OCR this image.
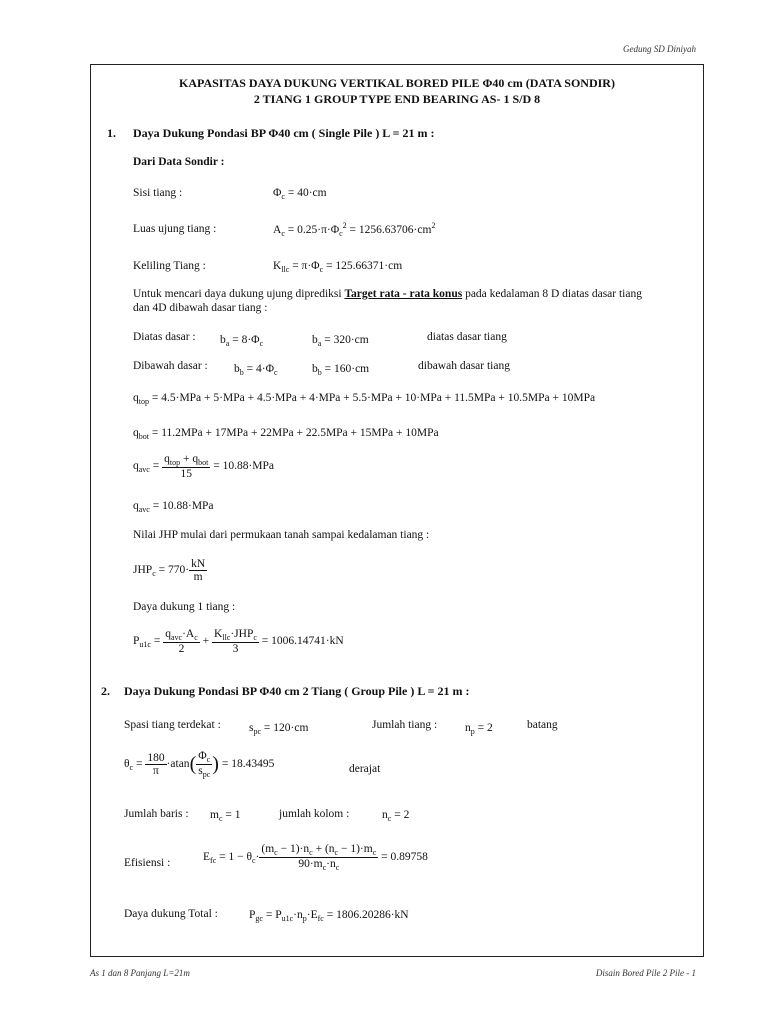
Gedung SD Diniyah
KAPASITAS DAYA DUKUNG VERTIKAL BORED PILE Φ40 cm (DATA SONDIR)
2 TIANG 1 GROUP TYPE END BEARING AS- 1 S/D 8
1. Daya Dukung Pondasi BP Φ40 cm ( Single Pile ) L = 21 m :
Dari Data Sondir :
Sisi tiang :	$\Phi_c = 40\cdot cm$
Luas ujung tiang :	$A_c = 0.25\cdot\pi\cdot\Phi_c^2 = 1256.63706\cdot cm^2$
Keliling Tiang :	$K_{llc} = \pi\cdot\Phi_c = 125.66371\cdot cm$
Untuk mencari daya dukung ujung diprediksi Target rata - rata konus pada kedalaman 8 D diatas dasar tiang
dan 4D dibawah dasar tiang :
Diatas dasar : $b_a = 8\cdot\Phi_c$	$b_a = 320\cdot cm$	diatas dasar tiang
Dibawah dasar : $b_b = 4\cdot\Phi_c$	$b_b = 160\cdot cm$	dibawah dasar tiang
$q_{top} = 4.5\cdot MPa + 5\cdot MPa + 4.5\cdot MPa + 4\cdot MPa + 5.5\cdot MPa + 10\cdot MPa + 11.5MPa + 10.5MPa + 10MPa$
$q_{bot} = 11.2MPa + 17MPa + 22MPa + 22.5MPa + 15MPa + 10MPa$
$q_{avc} = \frac{q_{top} + q_{bot}}{15} = 10.88\cdot MPa$
$q_{avc} = 10.88\cdot MPa$
Nilai JHP mulai dari permukaan tanah sampai kedalaman tiang :
$JHP_c = 770\cdot \frac{kN}{m}$
Daya dukung 1 tiang :
$P_{u1c} = \frac{q_{avc}\cdot A_c}{2} + \frac{K_{llc}\cdot JHP_c}{3} = 1006.14741\cdot kN$
2. Daya Dukung Pondasi BP Φ40 cm 2 Tiang ( Group Pile ) L = 21 m :
Spasi tiang terdekat : $s_{pc} = 120\cdot cm$	Jumlah tiang : $n_p = 2$	batang
$\theta_c = \frac{180}{\pi} \cdot atan( \frac{\Phi_c}{s_{pc}}$ ) = 18.43495	derajat
Jumlah baris : $m_c = 1$	jumlah kolom :	$n_c = 2$
Efisiensi :	$E_{fc} = 1 - \theta_c\cdot \frac{(m_c - 1)\cdot n_c + (n_c - 1)\cdot m_c}{90\cdot m_c\cdot n_c} = 0.89758$
Daya dukung Total :	$P_{gc} = P_{u1c}\cdot n_p\cdot E_{fc} = 1806.20286\cdot kN$
As 1 dan 8 Panjang L=21m	Disain Bored Pile 2 Pile - 1
